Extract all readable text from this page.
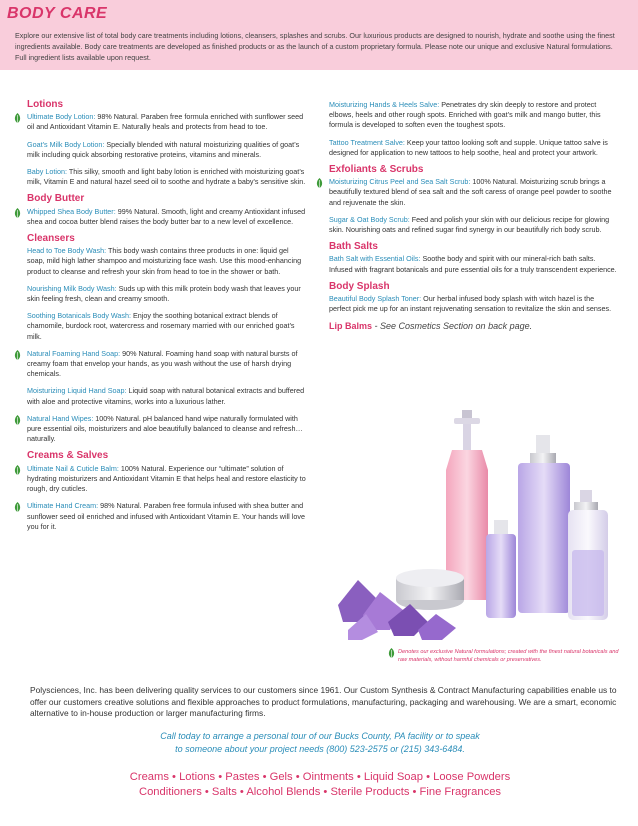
BODY CARE

Explore our extensive list of total body care treatments including lotions, cleansers, splashes and scrubs. Our luxurious products are designed to nourish, hydrate and soothe using the finest ingredients available. Body care treatments are developed as finished products or as the launch of a custom proprietary formula. Please note our unique and exclusive Natural formulations. Full ingredient lists available upon request.

Lotions
Ultimate Body Lotion: 98% Natural. Paraben free formula enriched with sunflower seed oil and Antioxidant Vitamin E. Naturally heals and protects from head to toe.
Goat’s Milk Body Lotion: Specially blended with natural moisturizing qualities of goat’s milk including quick absorbing restorative proteins, vitamins and minerals.
Baby Lotion: This silky, smooth and light baby lotion is enriched with moisturizing goat’s milk, Vitamin E and natural hazel seed oil to soothe and hydrate a baby’s sensitive skin.
Body Butter
Whipped Shea Body Butter: 99% Natural. Smooth, light and creamy Antioxidant infused shea and cocoa butter blend raises the body butter bar to a new level of excellence.
Cleansers
Head to Toe Body Wash: This body wash contains three products in one: liquid gel soap, mild high lather shampoo and moisturizing face wash. Use this mood-enhancing product to cleanse and refresh your skin from head to toe in the shower or bath.
Nourishing Milk Body Wash: Suds up with this milk protein body wash that leaves your skin feeling fresh, clean and creamy smooth.
Soothing Botanicals Body Wash: Enjoy the soothing botanical extract blends of chamomile, burdock root, watercress and rosemary married with our enriched goat’s milk.
Natural Foaming Hand Soap: 90% Natural. Foaming hand soap with natural bursts of creamy foam that envelop your hands, as you wash without the use of harsh drying chemicals.
Moisturizing Liquid Hand Soap: Liquid soap with natural botanical extracts and buffered with aloe and protective vitamins, works into a luxurious lather.
Natural Hand Wipes: 100% Natural. pH balanced hand wipe naturally formulated with pure essential oils, moisturizers and aloe beautifully balanced to cleanse and refresh… naturally.
Creams & Salves
Ultimate Nail & Cuticle Balm: 100% Natural. Experience our “ultimate” solution of hydrating moisturizers and Antioxidant Vitamin E that helps heal and restore elasticity to rough, dry cuticles.
Ultimate Hand Cream: 98% Natural. Paraben free formula infused with shea butter and sunflower seed oil enriched and infused with Antioxidant Vitamin E. Your hands will love you for it.
Moisturizing Hands & Heels Salve: Penetrates dry skin deeply to restore and protect elbows, heels and other rough spots. Enriched with goat’s milk and mango butter, this formula is developed to soften even the toughest spots.
Tattoo Treatment Salve: Keep your tattoo looking soft and supple. Unique tattoo salve is designed for application to new tattoos to help soothe, heal and protect your artwork.
Exfoliants & Scrubs
Moisturizing Citrus Peel and Sea Salt Scrub: 100% Natural. Moisturizing scrub brings a beautifully textured blend of sea salt and the soft caress of orange peel powder to soothe and rejuvenate the skin.
Sugar & Oat Body Scrub: Feed and polish your skin with our delicious recipe for glowing skin. Nourishing oats and refined sugar find synergy in our beautifully rich body scrub.
Bath Salts
Bath Salt with Essential Oils: Soothe body and spirit with our mineral-rich bath salts. Infused with fragrant botanicals and pure essential oils for a truly transcendent experience.
Body Splash
Beautiful Body Splash Toner: Our herbal infused body splash with witch hazel is the perfect pick me up for an instant rejuvenating sensation to revitalize the skin and senses.
Lip Balms - See Cosmetics Section on back page.
Denotes our exclusive Natural formulations; created with the finest natural botanicals and raw materials, without harmful chemicals or preservatives.

Polysciences, Inc. has been delivering quality services to our customers since 1961. Our Custom Synthesis & Contract Manufacturing capabilities enable us to offer our customers creative solutions and flexible approaches to product formulations, manufacturing, packaging and warehousing. We are a smart, economic alternative to in-house production or larger manufacturing firms.

Call today to arrange a personal tour of our Bucks County, PA facility or to speak
to someone about your project needs (800) 523-2575 or (215) 343-6484.

Creams • Lotions • Pastes • Gels • Ointments • Liquid Soap • Loose Powders
Conditioners • Salts • Alcohol Blends • Sterile Products • Fine Fragrances
